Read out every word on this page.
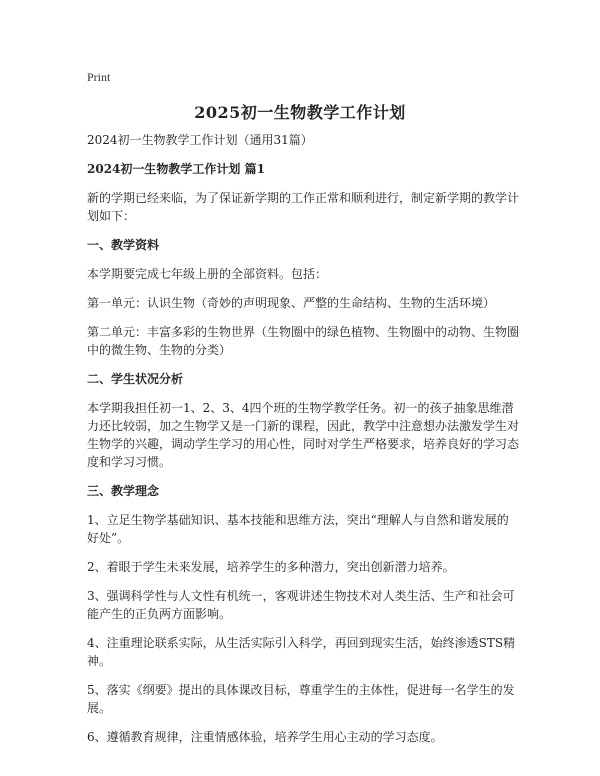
Print
2025初一生物教学工作计划

2024初一生物教学工作计划（通用31篇）

2024初一生物教学工作计划 篇1

新的学期已经来临，为了保证新学期的工作正常和顺利进行，制定新学期的教学计划如下：

一、教学资料

本学期要完成七年级上册的全部资料。包括：

第一单元：认识生物（奇妙的声明现象、严整的生命结构、生物的生活环境）

第二单元：丰富多彩的生物世界（生物圈中的绿色植物、生物圈中的动物、生物圈中的微生物、生物的分类）

二、学生状况分析

本学期我担任初一1、2、3、4四个班的生物学教学任务。初一的孩子抽象思维潜力还比较弱，加之生物学又是一门新的课程，因此，教学中注意想办法激发学生对生物学的兴趣，调动学生学习的用心性，同时对学生严格要求，培养良好的学习态度和学习习惯。

三、教学理念

1、立足生物学基础知识、基本技能和思维方法，突出“理解人与自然和谐发展的好处”。

2、着眼于学生未来发展，培养学生的多种潜力，突出创新潜力培养。

3、强调科学性与人文性有机统一，客观讲述生物技术对人类生活、生产和社会可能产生的正负两方面影响。

4、注重理论联系实际，从生活实际引入科学，再回到现实生活，始终渗透STS精神。

5、落实《纲要》提出的具体课改目标，尊重学生的主体性，促进每一名学生的发展。

6、遵循教育规律，注重情感体验，培养学生用心主动的学习态度。
